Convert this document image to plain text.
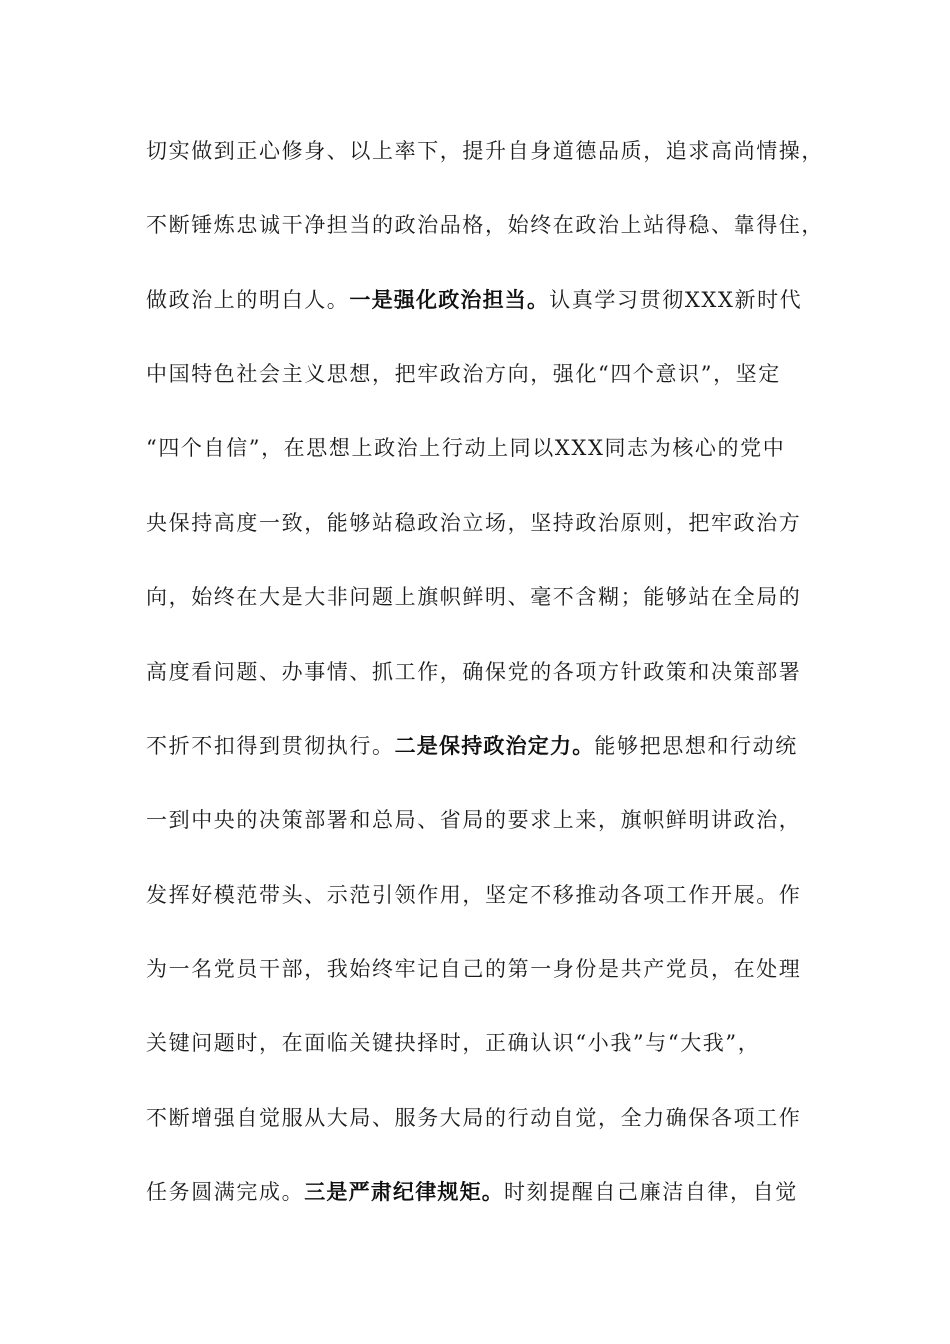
切实做到正心修身、以上率下，提升自身道德品质，追求高尚情操，
不断锤炼忠诚干净担当的政治品格，始终在政治上站得稳、靠得住，
做政治上的明白人。一是强化政治担当。认真学习贯彻XXX新时代
中国特色社会主义思想，把牢政治方向，强化“四个意识”，坚定
“四个自信”，在思想上政治上行动上同以XXX同志为核心的党中
央保持高度一致，能够站稳政治立场，坚持政治原则，把牢政治方
向，始终在大是大非问题上旗帜鲜明、毫不含糊；能够站在全局的
高度看问题、办事情、抓工作，确保党的各项方针政策和决策部署
不折不扣得到贯彻执行。二是保持政治定力。能够把思想和行动统
一到中央的决策部署和总局、省局的要求上来，旗帜鲜明讲政治，
发挥好模范带头、示范引领作用，坚定不移推动各项工作开展。作
为一名党员干部，我始终牢记自己的第一身份是共产党员，在处理
关键问题时，在面临关键抉择时，正确认识“小我”与“大我”，
不断增强自觉服从大局、服务大局的行动自觉，全力确保各项工作
任务圆满完成。三是严肃纪律规矩。时刻提醒自己廉洁自律，自觉
